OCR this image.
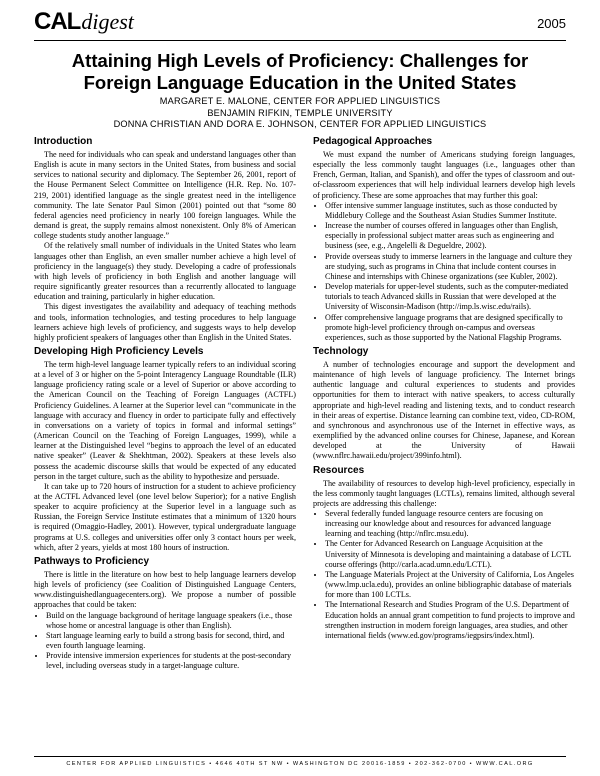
CALdigest	2005
Attaining High Levels of Proficiency: Challenges for
Foreign Language Education in the United States
MARGARET E. MALONE, CENTER FOR APPLIED LINGUISTICS
BENJAMIN RIFKIN, TEMPLE UNIVERSITY
DONNA CHRISTIAN AND DORA E. JOHNSON, CENTER FOR APPLIED LINGUISTICS
Introduction

The need for individuals who can speak and understand languages other than English is acute in many sectors in the United States, from business and social services to national security and diplomacy. The September 26, 2001, report of the House Permanent Select Committee on Intelligence (H.R. Rep. No. 107-219, 2001) identified language as the single greatest need in the intelligence community. The late Senator Paul Simon (2001) pointed out that “some 80 federal agencies need proficiency in nearly 100 foreign languages. While the demand is great, the supply remains almost nonexistent. Only 8% of American college students study another language.”

Of the relatively small number of individuals in the United States who learn languages other than English, an even smaller number achieve a high level of proficiency in the language(s) they study. Developing a cadre of professionals with high levels of proficiency in both English and another language will require significantly greater resources than a recurrently allocated to language education and training, particularly in higher education.

This digest investigates the availability and adequacy of teaching methods and tools, information technologies, and testing procedures to help language learners achieve high levels of proficiency, and suggests ways to help develop highly proficient speakers of languages other than English in the United States.

Developing High Proficiency Levels

The term high-level language learner typically refers to an individual scoring at a level of 3 or higher on the 5-point Interagency Language Roundtable (ILR) language proficiency rating scale or a level of Superior or above according to the American Council on the Teaching of Foreign Languages (ACTFL) Proficiency Guidelines. A learner at the Superior level can “communicate in the language with accuracy and fluency in order to participate fully and effectively in conversations on a variety of topics in formal and informal settings” (American Council on the Teaching of Foreign Languages, 1999), while a learner at the Distinguished level “begins to approach the level of an educated native speaker” (Leaver & Shekhtman, 2002). Speakers at these levels also possess the academic discourse skills that would be expected of any educated person in the target culture, such as the ability to hypothesize and persuade.

It can take up to 720 hours of instruction for a student to achieve proficiency at the ACTFL Advanced level (one level below Superior); for a native English speaker to acquire proficiency at the Superior level in a language such as Russian, the Foreign Service Institute estimates that a minimum of 1320 hours is required (Omaggio-Hadley, 2001). However, typical undergraduate language programs at U.S. colleges and universities offer only 3 contact hours per week, which, after 2 years, yields at most 180 hours of instruction.

Pathways to Proficiency

There is little in the literature on how best to help language learners develop high levels of proficiency (see Coalition of Distinguished Language Centers, www.distinguishedlanguagecenters.org). We propose a number of possible approaches that could be taken:

• Build on the language background of heritage language speakers (i.e., those whose home or ancestral language is other than English).
• Start language learning early to build a strong basis for second, third, and even fourth language learning.
• Provide intensive immersion experiences for students at the post-secondary level, including overseas study in a target-language culture.
Pedagogical Approaches

We must expand the number of Americans studying foreign languages, especially the less commonly taught languages (i.e., languages other than French, German, Italian, and Spanish), and offer the types of classroom and out-of-classroom experiences that will help individual learners develop high levels of proficiency. These are some approaches that may further this goal:

• Offer intensive summer language institutes, such as those conducted by Middlebury College and the Southeast Asian Studies Summer Institute.
• Increase the number of courses offered in languages other than English, especially in professional subject matter areas such as engineering and business (see, e.g., Angelelli & Degueldre, 2002).
• Provide overseas study to immerse learners in the language and culture they are studying, such as programs in China that include content courses in Chinese and internships with Chinese organizations (see Kubler, 2002).
• Develop materials for upper-level students, such as the computer-mediated tutorials to teach Advanced skills in Russian that were developed at the University of Wisconsin-Madison (http://imp.ls.wisc.edu/rails).
• Offer comprehensive language programs that are designed specifically to promote high-level proficiency through on-campus and overseas experiences, such as those supported by the National Flagship Programs.
Technology

A number of technologies encourage and support the development and maintenance of high levels of language proficiency. The Internet brings authentic language and cultural experiences to students and provides opportunities for them to interact with native speakers, to access culturally appropriate and high-level reading and listening texts, and to conduct research in their areas of expertise. Distance learning can combine text, video, CD-ROM, and synchronous and asynchronous use of the Internet in effective ways, as exemplified by the advanced online courses for Chinese, Japanese, and Korean developed at the University of Hawaii (www.nflrc.hawaii.edu/project/399info.html).

Resources

The availability of resources to develop high-level proficiency, especially in the less commonly taught languages (LCTLs), remains limited, although several projects are addressing this challenge:

• Several federally funded language resource centers are focusing on increasing our knowledge about and resources for advanced language learning and teaching (http://nflrc.msu.edu).
• The Center for Advanced Research on Language Acquisition at the University of Minnesota is developing and maintaining a database of LCTL course offerings (http://carla.acad.umn.edu/LCTL).
• The Language Materials Project at the University of California, Los Angeles (www.lmp.ucla.edu), provides an online bibliographic database of materials for more than 100 LCTLs.
• The International Research and Studies Program of the U.S. Department of Education holds an annual grant competition to fund projects to improve and strengthen instruction in modern foreign languages, area studies, and other international fields (www.ed.gov/programs/iegpsirs/index.html).
CENTER FOR APPLIED LINGUISTICS • 4646 40TH ST NW • WASHINGTON DC 20016-1859 • 202-362-0700 • WWW.CAL.ORG
